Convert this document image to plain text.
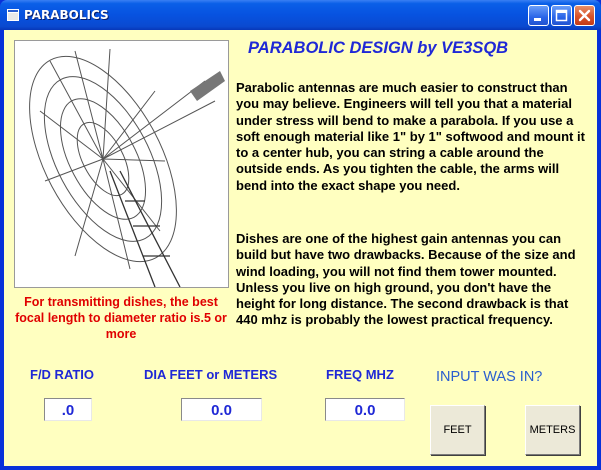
PARABOLICS
PARABOLIC DESIGN by VE3SQB

Parabolic antennas are much easier to construct than you may believe. Engineers will tell you that a material under stress will bend to make a parabola. If you use a soft enough material like 1" by 1" softwood and mount it to a center hub, you can string a cable around the outside ends. As you tighten the cable, the arms will bend into the exact shape you need.

Dishes are one of the highest gain antennas you can build but have two drawbacks. Because of the size and wind loading, you will not find them tower mounted. Unless you live on high ground, you don't have the height for long distance. The second drawback is that 440 mhz is probably the lowest practical frequency.

For transmitting dishes, the best focal length to diameter ratio is.5 or more
F/D RATIO	DIA FEET or METERS	FREQ MHZ	INPUT WAS IN?
.0	0.0	0.0
FEET	METERS
